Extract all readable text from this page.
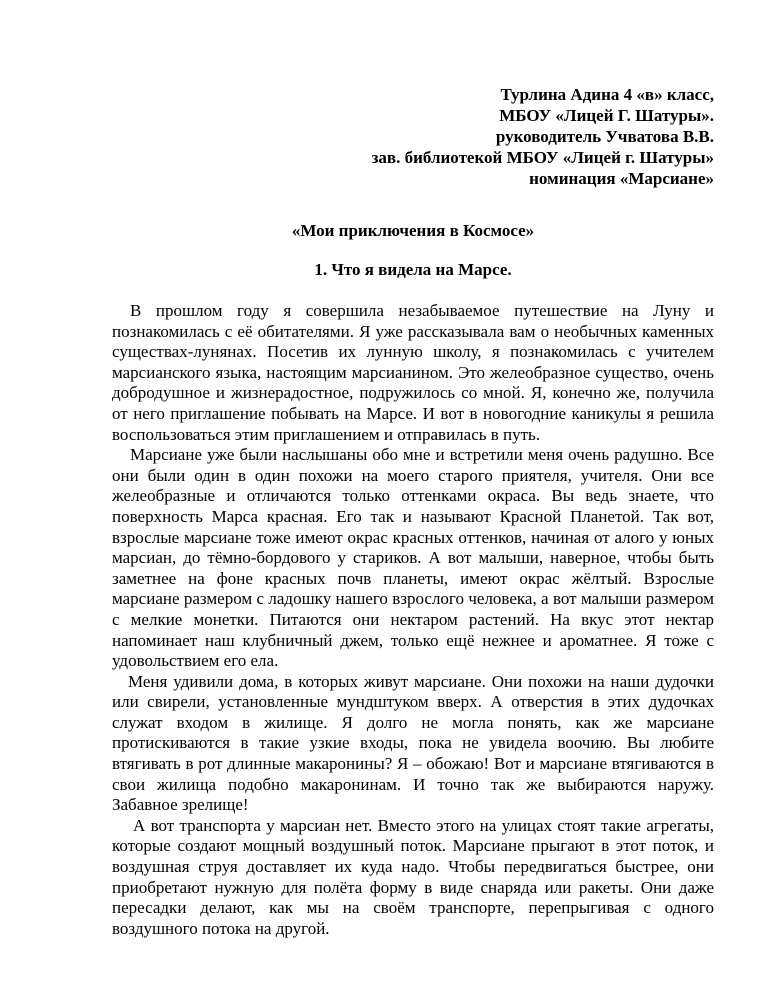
Турлина Адина 4 «в» класс,
МБОУ «Лицей Г. Шатуры».
руководитель Учватова В.В.
зав. библиотекой МБОУ «Лицей г. Шатуры»
номинация «Марсиане»
«Мои приключения в Космосе»
1. Что я видела на Марсе.

В прошлом году я совершила незабываемое путешествие на Луну и познакомилась с её обитателями. Я уже рассказывала вам о необычных каменных существах-лунянах. Посетив их лунную школу, я познакомилась с учителем марсианского языка, настоящим марсианином. Это желеобразное существо, очень добродушное и жизнерадостное, подружилось со мной. Я, конечно же, получила от него приглашение побывать на Марсе. И вот в новогодние каникулы я решила воспользоваться этим приглашением и отправилась в путь.

Марсиане уже были наслышаны обо мне и встретили меня очень радушно. Все они были один в один похожи на моего старого приятеля, учителя. Они все желеобразные и отличаются только оттенками окраса. Вы ведь знаете, что поверхность Марса красная. Его так и называют Красной Планетой. Так вот, взрослые марсиане тоже имеют окрас красных оттенков, начиная от алого у юных марсиан, до тёмно-бордового у стариков. А вот малыши, наверное, чтобы быть заметнее на фоне красных почв планеты, имеют окрас жёлтый. Взрослые марсиане размером с ладошку нашего взрослого человека, а вот малыши размером с мелкие монетки. Питаются они нектаром растений. На вкус этот нектар напоминает наш клубничный джем, только ещё нежнее и ароматнее. Я тоже с удовольствием его ела.

Меня удивили дома, в которых живут марсиане. Они похожи на наши дудочки или свирели, установленные мундштуком вверх. А отверстия в этих дудочках служат входом в жилище. Я долго не могла понять, как же марсиане протискиваются в такие узкие входы, пока не увидела воочию. Вы любите втягивать в рот длинные макаронины? Я – обожаю! Вот и марсиане втягиваются в свои жилища подобно макаронинам. И точно так же выбираются наружу. Забавное зрелище!

А вот транспорта у марсиан нет. Вместо этого на улицах стоят такие агрегаты, которые создают мощный воздушный поток. Марсиане прыгают в этот поток, и воздушная струя доставляет их куда надо. Чтобы передвигаться быстрее, они приобретают нужную для полёта форму в виде снаряда или ракеты. Они даже пересадки делают, как мы на своём транспорте, перепрыгивая с одного воздушного потока на другой.
